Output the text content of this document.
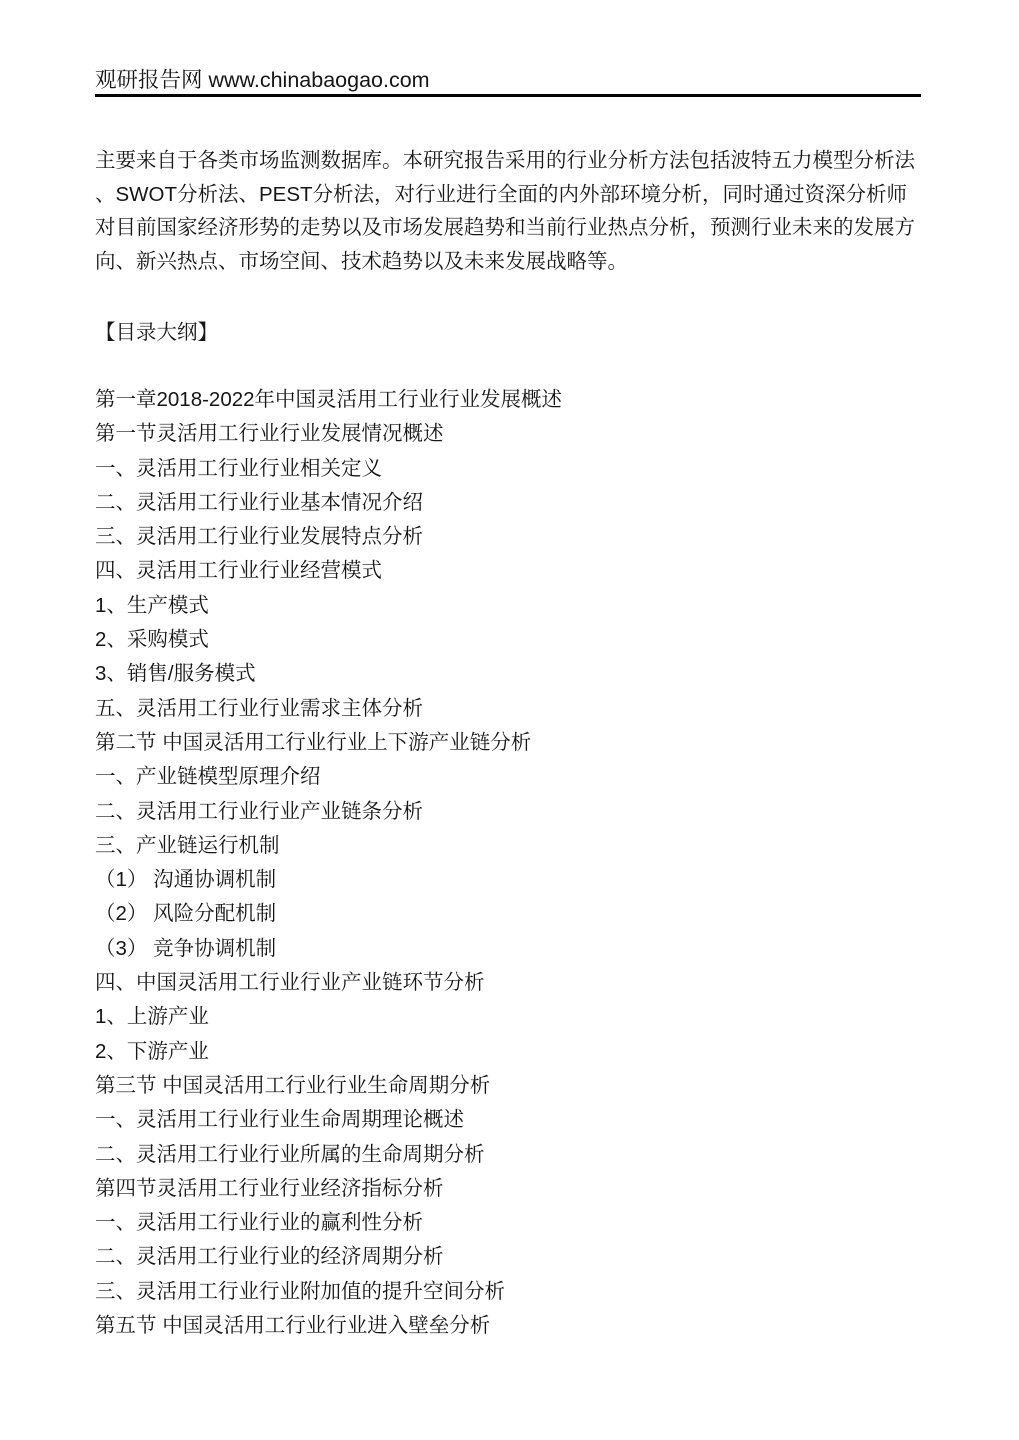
观研报告网 www.chinabaogao.com
主要来自于各类市场监测数据库。本研究报告采用的行业分析方法包括波特五力模型分析法
、SWOT分析法、PEST分析法，对行业进行全面的内外部环境分析，同时通过资深分析师
对目前国家经济形势的走势以及市场发展趋势和当前行业热点分析，预测行业未来的发展方
向、新兴热点、市场空间、技术趋势以及未来发展战略等。
【目录大纲】
第一章2018-2022年中国灵活用工行业行业发展概述
第一节灵活用工行业行业发展情况概述
一、灵活用工行业行业相关定义
二、灵活用工行业行业基本情况介绍
三、灵活用工行业行业发展特点分析
四、灵活用工行业行业经营模式
1、生产模式
2、采购模式
3、销售/服务模式
五、灵活用工行业行业需求主体分析
第二节 中国灵活用工行业行业上下游产业链分析
一、产业链模型原理介绍
二、灵活用工行业行业产业链条分析
三、产业链运行机制
（1） 沟通协调机制
（2） 风险分配机制
（3） 竞争协调机制
四、中国灵活用工行业行业产业链环节分析
1、上游产业
2、下游产业
第三节 中国灵活用工行业行业生命周期分析
一、灵活用工行业行业生命周期理论概述
二、灵活用工行业行业所属的生命周期分析
第四节灵活用工行业行业经济指标分析
一、灵活用工行业行业的赢利性分析
二、灵活用工行业行业的经济周期分析
三、灵活用工行业行业附加值的提升空间分析
第五节 中国灵活用工行业行业进入壁垒分析
